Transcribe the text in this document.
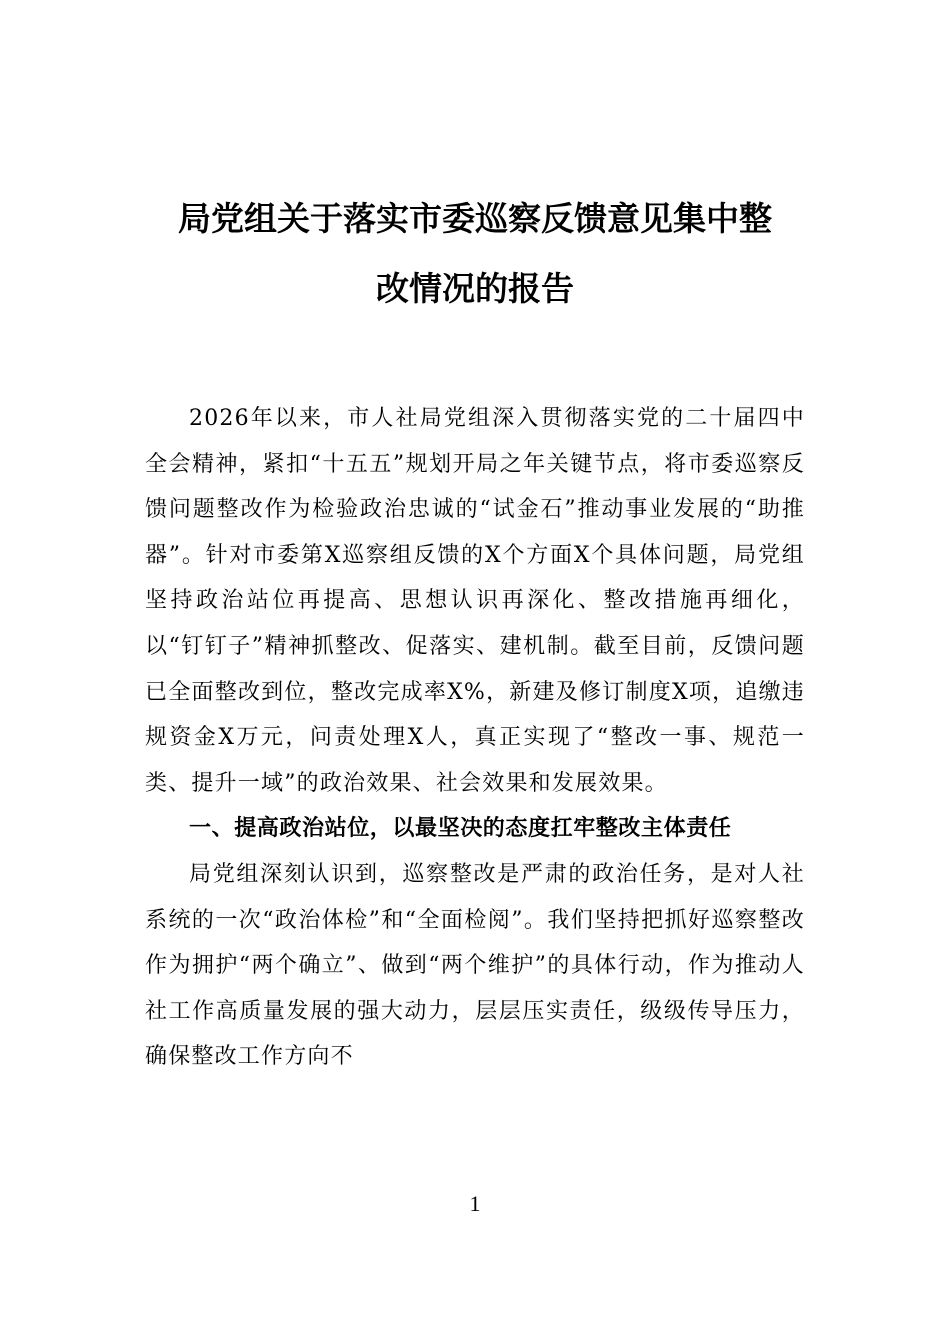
局党组关于落实市委巡察反馈意见集中整
改情况的报告

2026年以来，市人社局党组深入贯彻落实党的二十届四中全会精神，紧扣“十五五”规划开局之年关键节点，将市委巡察反馈问题整改作为检验政治忠诚的“试金石”推动事业发展的“助推器”。针对市委第X巡察组反馈的X个方面X个具体问题，局党组坚持政治站位再提高、思想认识再深化、整改措施再细化，以“钉钉子”精神抓整改、促落实、建机制。截至目前，反馈问题已全面整改到位，整改完成率X%，新建及修订制度X项，追缴违规资金X万元，问责处理X人，真正实现了“整改一事、规范一类、提升一域”的政治效果、社会效果和发展效果。

一、提高政治站位，以最坚决的态度扛牢整改主体责任

局党组深刻认识到，巡察整改是严肃的政治任务，是对人社系统的一次“政治体检”和“全面检阅”。我们坚持把抓好巡察整改作为拥护“两个确立”、做到“两个维护”的具体行动，作为推动人社工作高质量发展的强大动力，层层压实责任，级级传导压力，确保整改工作方向不

1
